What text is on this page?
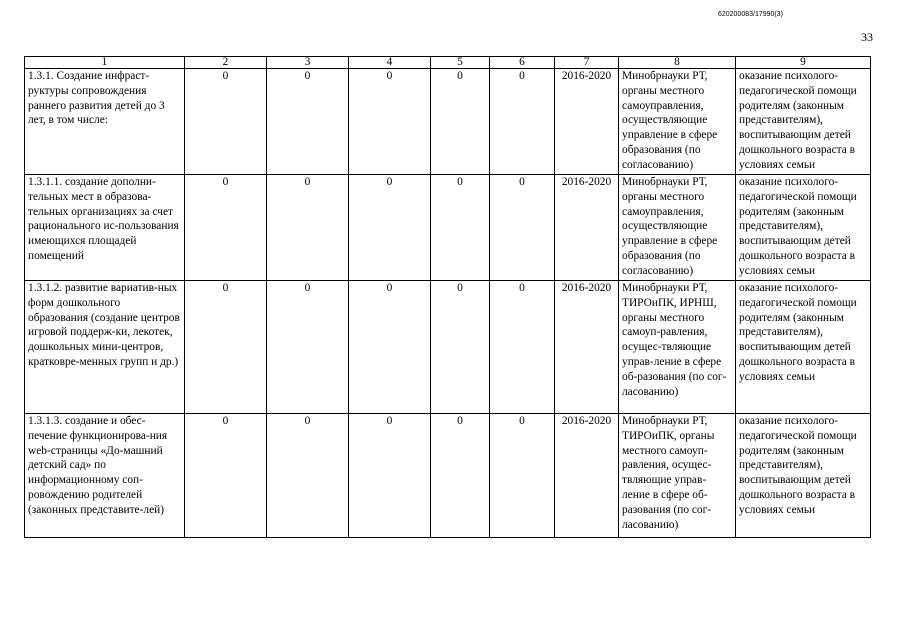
620200083/17990(3)
33
1	2	3	4	5	6	7	8	9
1.3.1. Создание инфраст-руктуры сопровождения раннего развития детей до 3 лет, в том числе:	0	0	0	0	0	2016-2020	Минобрнауки РТ, органы местного самоуправления, осуществляющие управление в сфере образования (по согласованию)	оказание психолого-педагогической помощи родителям (законным представителям), воспитывающим детей дошкольного возраста в условиях семьи
1.3.1.1. создание дополни-тельных мест в образова-тельных организациях за счет рационального ис-пользования имеющихся площадей помещений	0	0	0	0	0	2016-2020	Минобрнауки РТ, органы местного самоуправления, осуществляющие управление в сфере образования (по согласованию)	оказание психолого-педагогической помощи родителям (законным представителям), воспитывающим детей дошкольного возраста в условиях семьи
1.3.1.2. развитие вариатив-ных форм дошкольного образования (создание центров игровой поддерж-ки, лекотек, дошкольных мини-центров, кратковре-менных групп и др.)	0	0	0	0	0	2016-2020	Минобрнауки РТ, ТИРОиПК, ИРНШ, органы местного самоуп-равления, осущес-твляющие управ-ление в сфере об-разования (по сог-ласованию)	оказание психолого-педагогической помощи родителям (законным представителям), воспитывающим детей дошкольного возраста в условиях семьи
1.3.1.3. создание и обес-печение функционирова-ния web-страницы «До-машний детский сад» по информационному соп-ровождению родителей (законных представите-лей)	0	0	0	0	0	2016-2020	Минобрнауки РТ, ТИРОиПК, органы местного самоуп-равления, осущес-твляющие управ-ление в сфере об-разования (по сог-ласованию)	оказание психолого-педагогической помощи родителям (законным представителям), воспитывающим детей дошкольного возраста в условиях семьи
